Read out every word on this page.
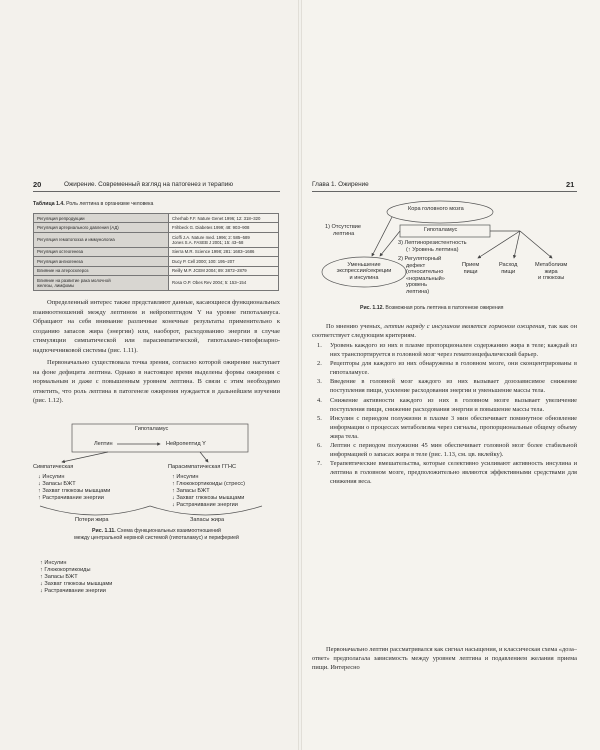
20	Ожирение. Современный взгляд на патогенез и терапию
Таблица 1.4. Роль лептина в организме человека
Регуляция репродукции	Cherhab F.F. Nature Genet 1996; 12: 318–320
Регуляция артериального давления (АД)	Frihbeck G. Diabetes 1999; 48: 903–908
Регуляция гематопоэза и иммунологиа	Cioffi J.A. Nature med. 1996; 2: 585–589
Jones S.A. FASEB J 2001; 15: 43–58

Регуляция остеогенеза	Sierra M.R. Science 1998; 281: 1683–1686
Регуляция ангиогенеза	Ducy P. Cell 2000; 100: 195–207
Влияние на атеросклероз	Reilly M.P. JCEM 2004; 89: 3872–2879

Влияние на развитие рака молочной
железы, лимфомы	Rosa O.P. Obes Rev 2004; 5: 153–154

Определенный интерес также представляют данные, касающиеся функциональных взаимоотношений между лептином и нейропептидом Y на уровне гипоталамуса. Обращают на себя внимание различные конечные результаты применительно к созданию запасов жира (энергии) или, наоборот, расходованию энергии в случае стимуляции симпатической или парасимпатической, гипоталамо-гипофизарно-надпочечниковой системы (рис. 1.11).

Первоначально существовала точка зрения, согласно которой ожирение наступает на фоне дефицита лептина. Однако в настоящее время выделены формы ожирения с нормальным и даже с повышенным уровнем лептина. В связи с этим необходимо отметить, что роль лептина в патогенезе ожирения нуждается в дальнейшем изучении (рис. 1.12).

Гипоталамус
Лептин	Нейропептид Y
Симпатическая
↓ Инсулин
↓ Запасы БЖТ
↑ Захват глюкозы мышцами
↑ Растрачивание энергии
Потери жира
Парасимпатическая ГГНС
↑ Инсулин
↑ Глюкокортикоиды (стресс)
↑ Запасы БЖТ
↓ Захват глюкозы мышцами
↓ Растрачивание энергии
Запасы жира
Рис. 1.11. Схема функциональных взаимоотношений
между центральной нервной системой (гипоталамус) и периферией
↑ Инсулин
↑ Глюкокортикоиды
↑ Запасы БЖТ
↓ Захват глюкозы мышцами
↓ Растрачивание энергии
Глава 1. Ожирение	21
Кора головного мозга
Гипоталамус
1) Отсутствие
лептина
3) Лептинорезистентность
(↑ Уровень лептина)
2) Регуляторный
дефект
(относительно
«нормальный»
уровень
лептина)
Уменьшение
экспрессии/секреции
и инсулина
Прием
пищи
Расход
пищи
Метаболизм
жира
и глюкозы
Рис. 1.12. Возможная роль лептина в патогенезе ожирения

По мнению ученых, лептин наряду с инсулином является гормоном ожирения, так как он соответствует следующим критериям.

1. Уровень каждого из них в плазме пропорционален содержанию жира в теле; каждый из них транспортируется в головной мозг через гематоэнцефалический барьер.
2. Рецепторы для каждого из них обнаружены в головном мозге, они сконцентрированы в гипоталамусе.
3. Введение в головной мозг каждого из них вызывает дозозависимое снижение поступления пищи, усиление расходования энергии и уменьшение массы тела.
4. Снижение активности каждого из них в головном мозге вызывает увеличение поступления пищи, снижение расходования энергии и повышение массы тела.
5. Инсулин с периодом полужизни в плазме 3 мин обеспечивает поминутное обновление информации о процессах метаболизма через сигналы, пропорциональные общему объему жира тела.
6. Лептин с периодом полужизни 45 мин обеспечивает головной мозг более стабильной информацией о запасах жира в теле (рис. 1.13, см. цв. вклейку).
7. Терапевтические вмешательства, которые селективно усиливают активность инсулина и лептина в головном мозге, предположительно являются эффективными средствами для снижения веса.

Первоначально лептин рассматривался как сигнал насыщения, и классическая схема «доза–ответ» предполагала зависимость между уровнем лептина и подавлением желания приема пищи. Интересно
